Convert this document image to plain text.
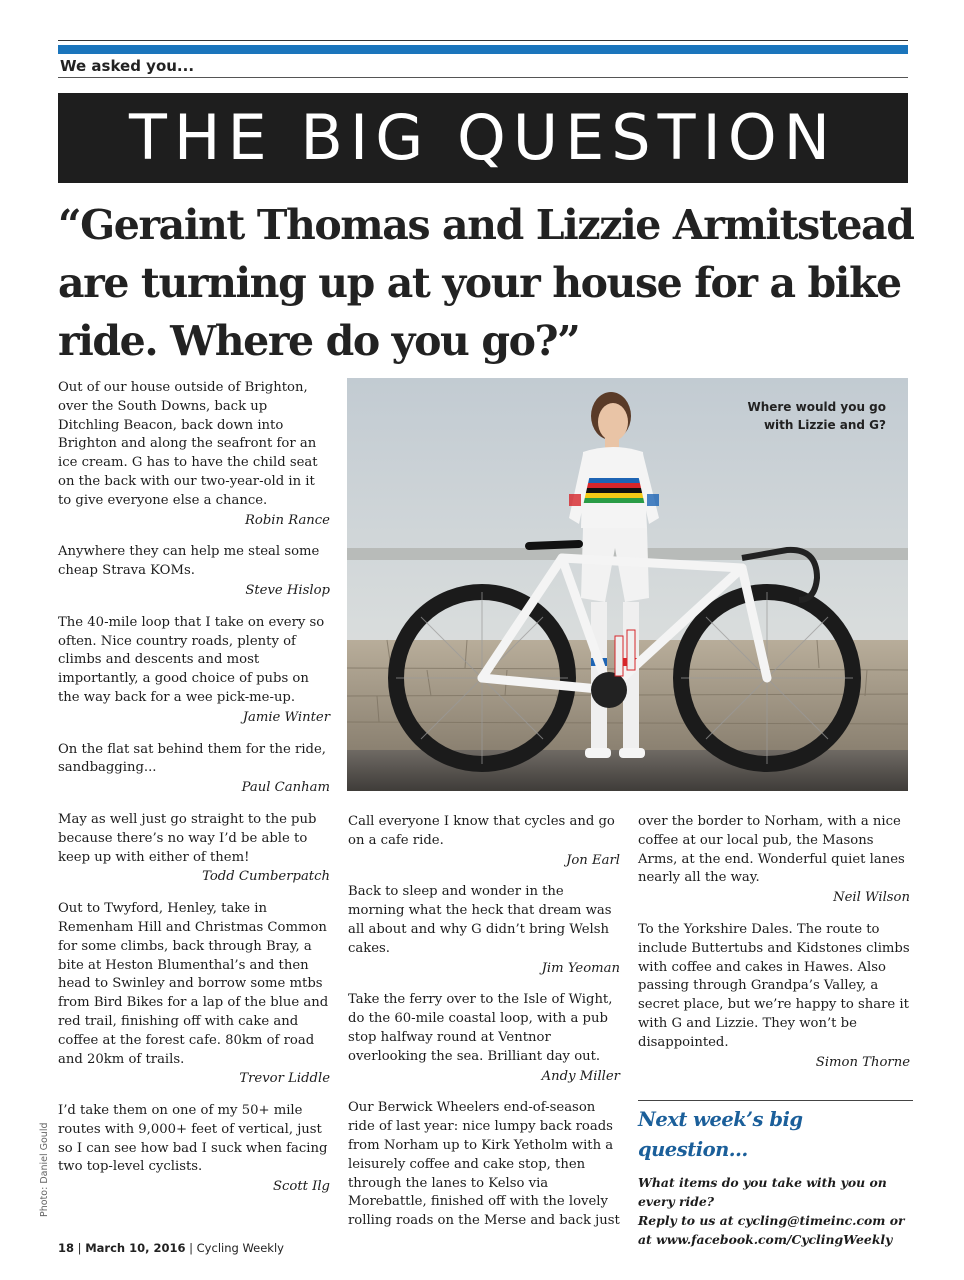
We asked you...
THE BIG QUESTION
“Geraint Thomas and Lizzie Armitstead are turning up at your house for a bike ride. Where do you go?”

Out of our house outside of Brighton, over the South Downs, back up Ditchling Beacon, back down into Brighton and along the seafront for an ice cream. G has to have the child seat on the back with our two-year-old in it to give everyone else a chance.

Robin Rance

Anywhere they can help me steal some cheap Strava KOMs.

Steve Hislop

The 40-mile loop that I take on every so often. Nice country roads, plenty of climbs and descents and most importantly, a good choice of pubs on the way back for a wee pick-me-up.

Jamie Winter

On the flat sat behind them for the ride, sandbagging...

Paul Canham

May as well just go straight to the pub because there’s no way I’d be able to keep up with either of them!

Todd Cumberpatch

Out to Twyford, Henley, take in Remenham Hill and Christmas Common for some climbs, back through Bray, a bite at Heston Blumenthal’s and then head to Swinley and borrow some mtbs from Bird Bikes for a lap of the blue and red trail, finishing off with cake and coffee at the forest cafe. 80km of road and 20km of trails.

Trevor Liddle

I’d take them on one of my 50+ mile routes with 9,000+ feet of vertical, just so I can see how bad I suck when facing two top-level cyclists.

Scott Ilg
Where would you go
with Lizzie and G?

Call everyone I know that cycles and go on a cafe ride.

Jon Earl

Back to sleep and wonder in the morning what the heck that dream was all about and why G didn’t bring Welsh cakes.

Jim Yeoman

Take the ferry over to the Isle of Wight, do the 60-mile coastal loop, with a pub stop halfway round at Ventnor overlooking the sea. Brilliant day out.

Andy Miller

Our Berwick Wheelers end-of-season ride of last year: nice lumpy back roads from Norham up to Kirk Yetholm with a leisurely coffee and cake stop, then through the lanes to Kelso via Morebattle, finished off with the lovely rolling roads on the Merse and back just

over the border to Norham, with a nice coffee at our local pub, the Masons Arms, at the end. Wonderful quiet lanes nearly all the way.

Neil Wilson

To the Yorkshire Dales. The route to include Buttertubs and Kidstones climbs with coffee and cakes in Hawes. Also passing through Grandpa’s Valley, a secret place, but we’re happy to share it with G and Lizzie. They won’t be disappointed.

Simon Thorne
Next week’s big question…

What items do you take with you on every ride?

Reply to us at cycling@timeinc.com or at www.facebook.com/CyclingWeekly

Photo: Daniel Gould
18 | March 10, 2016 | Cycling Weekly
